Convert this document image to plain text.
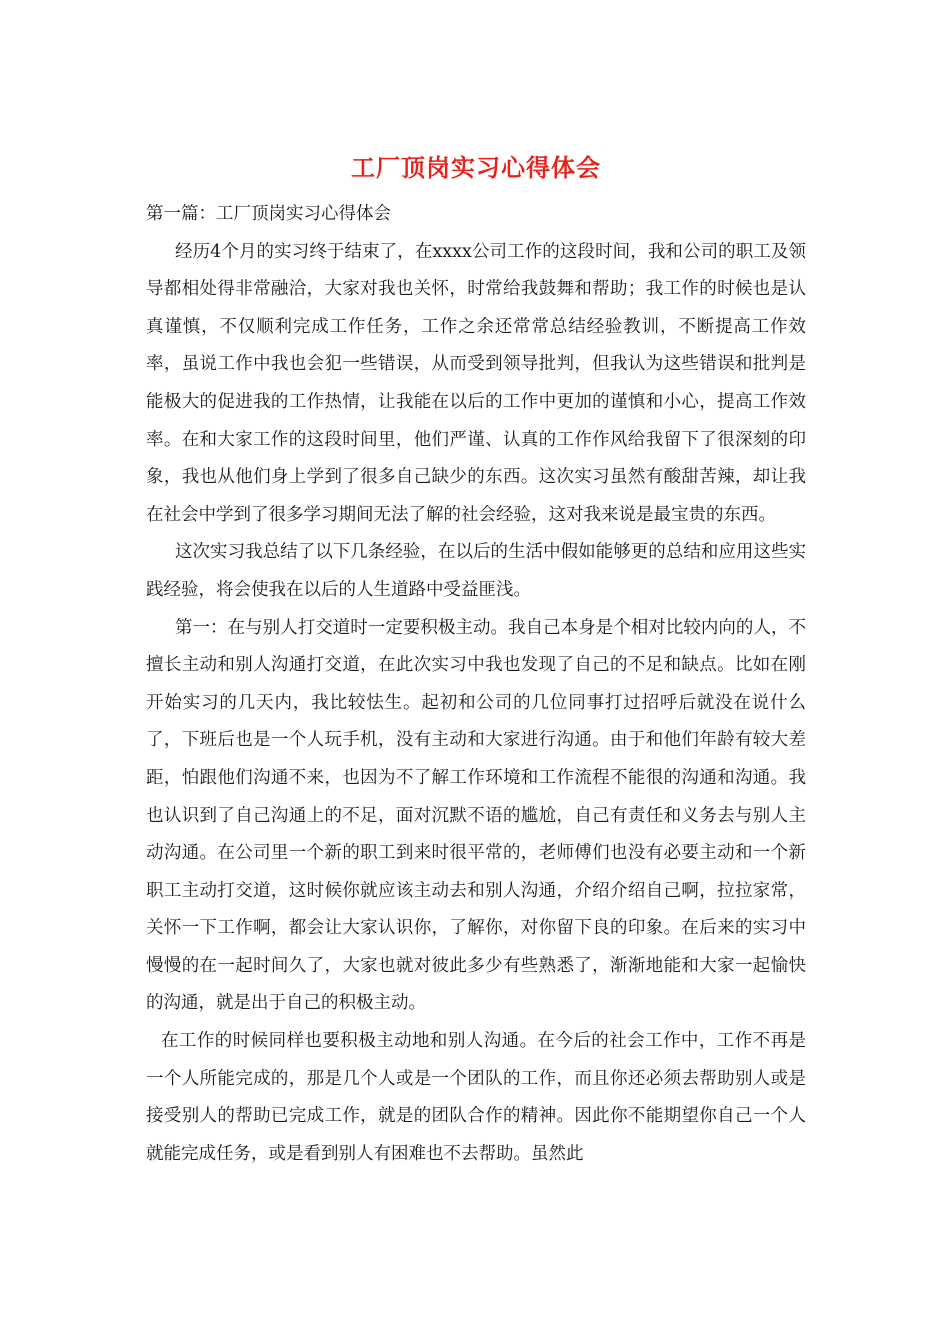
工厂顶岗实习心得体会

第一篇：工厂顶岗实习心得体会

经历4个月的实习终于结束了，在xxxx公司工作的这段时间，我和公司的职工及领导都相处得非常融洽，大家对我也关怀，时常给我鼓舞和帮助；我工作的时候也是认真谨慎，不仅顺利完成工作任务，工作之余还常常总结经验教训，不断提高工作效率，虽说工作中我也会犯一些错误，从而受到领导批判，但我认为这些错误和批判是能极大的促进我的工作热情，让我能在以后的工作中更加的谨慎和小心，提高工作效率。在和大家工作的这段时间里，他们严谨、认真的工作作风给我留下了很深刻的印象，我也从他们身上学到了很多自己缺少的东西。这次实习虽然有酸甜苦辣，却让我在社会中学到了很多学习期间无法了解的社会经验，这对我来说是最宝贵的东西。

这次实习我总结了以下几条经验，在以后的生活中假如能够更的总结和应用这些实践经验，将会使我在以后的人生道路中受益匪浅。

第一：在与别人打交道时一定要积极主动。我自己本身是个相对比较内向的人，不擅长主动和别人沟通打交道，在此次实习中我也发现了自己的不足和缺点。比如在刚开始实习的几天内，我比较怯生。起初和公司的几位同事打过招呼后就没在说什么了，下班后也是一个人玩手机，没有主动和大家进行沟通。由于和他们年龄有较大差距，怕跟他们沟通不来，也因为不了解工作环境和工作流程不能很的沟通和沟通。我也认识到了自己沟通上的不足，面对沉默不语的尴尬，自己有责任和义务去与别人主动沟通。在公司里一个新的职工到来时很平常的，老师傅们也没有必要主动和一个新职工主动打交道，这时候你就应该主动去和别人沟通，介绍介绍自己啊，拉拉家常，关怀一下工作啊，都会让大家认识你，了解你，对你留下良的印象。在后来的实习中慢慢的在一起时间久了，大家也就对彼此多少有些熟悉了，渐渐地能和大家一起愉快的沟通，就是出于自己的积极主动。

在工作的时候同样也要积极主动地和别人沟通。在今后的社会工作中，工作不再是一个人所能完成的，那是几个人或是一个团队的工作，而且你还必须去帮助别人或是接受别人的帮助已完成工作，就是的团队合作的精神。因此你不能期望你自己一个人就能完成任务，或是看到别人有困难也不去帮助。虽然此
